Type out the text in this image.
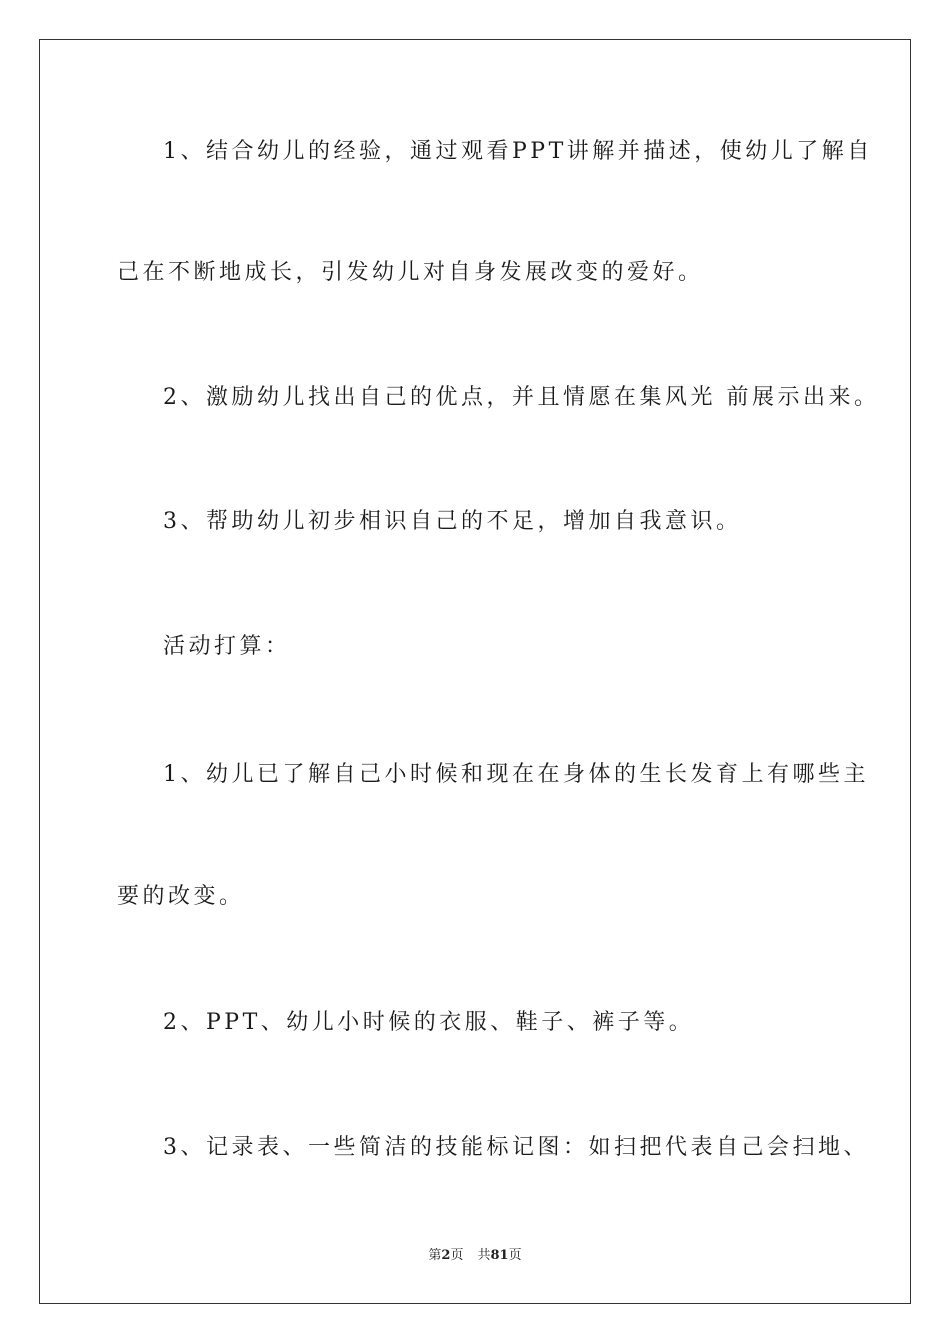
1、结合幼儿的经验，通过观看PPT讲解并描述，使幼儿了解自
己在不断地成长，引发幼儿对自身发展改变的爱好。
2、激励幼儿找出自己的优点，并且情愿在集风光 前展示出来。
3、帮助幼儿初步相识自己的不足，增加自我意识。
活动打算：
1、幼儿已了解自己小时候和现在在身体的生长发育上有哪些主
要的改变。
2、PPT、幼儿小时候的衣服、鞋子、裤子等。
3、记录表、一些简洁的技能标记图：如扫把代表自己会扫地、
第2页 共81页
